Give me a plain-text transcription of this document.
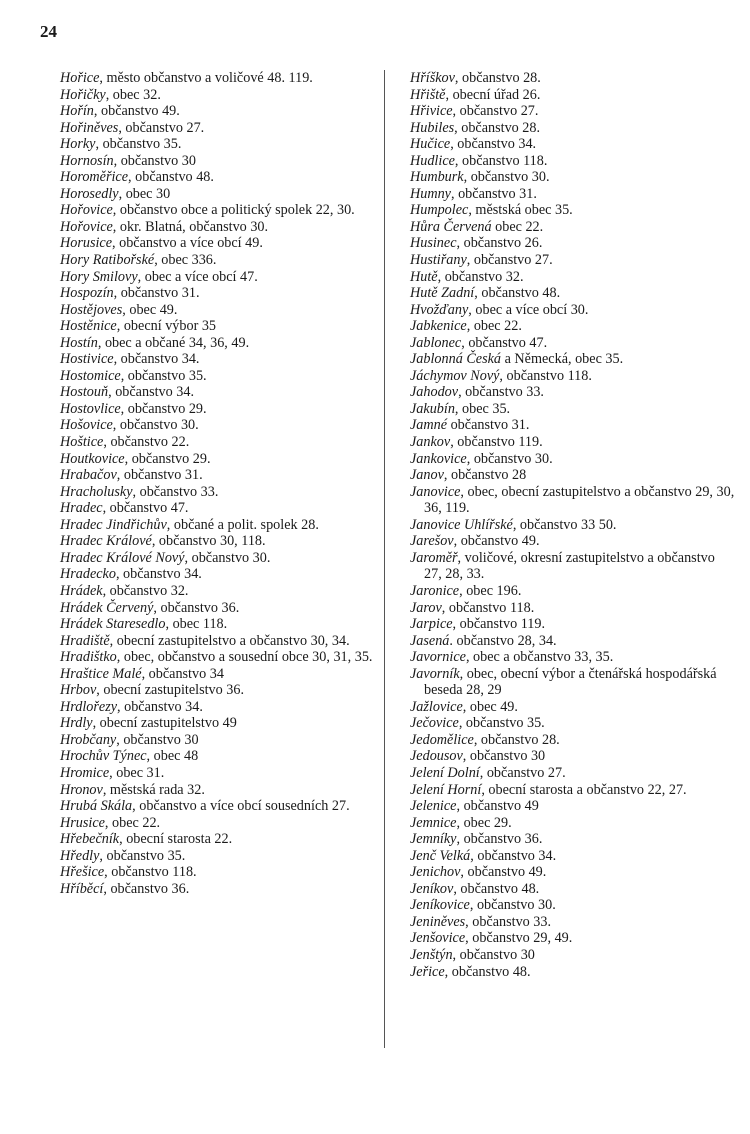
24

Hořice, město občanstvo a voličové 48. 119.

Hořičky, obec 32.

Hořín, občanstvo 49.

Hořiněves, občanstvo 27.

Horky, občanstvo 35.

Hornosín, občanstvo 30

Horoměřice, občanstvo 48.

Horosedly, obec 30

Hořovice, občanstvo obce a politický spolek 22, 30.

Hořovice, okr. Blatná, občanstvo 30.

Horusice, občanstvo a více obcí 49.

Hory Ratibořské, obec 336.

Hory Smilovy, obec a více obcí 47.

Hospozín, občanstvo 31.

Hostějoves, obec 49.

Hostěnice, obecní výbor 35

Hostín, obec a občané 34, 36, 49.

Hostivice, občanstvo 34.

Hostomice, občanstvo 35.

Hostouň, občanstvo 34.

Hostovlice, občanstvo 29.

Hošovice, občanstvo 30.

Hoštice, občanstvo 22.

Houtkovice, občanstvo 29.

Hrabačov, občanstvo 31.

Hracholusky, občanstvo 33.

Hradec, občanstvo 47.

Hradec Jindřichův, občané a polit. spolek 28.

Hradec Králové, občanstvo 30, 118.

Hradec Králové Nový, občanstvo 30.

Hradecko, občanstvo 34.

Hrádek, občanstvo 32.

Hrádek Červený, občanstvo 36.

Hrádek Staresedlo, obec 118.

Hradiště, obecní zastupitelstvo a občanstvo 30, 34.

Hradištko, obec, občanstvo a sousední obce 30, 31, 35.

Hraštice Malé, občanstvo 34

Hrbov, obecní zastupitelstvo 36.

Hrdlořezy, občanstvo 34.

Hrdly, obecní zastupitelstvo 49

Hrobčany, občanstvo 30

Hrochův Týnec, obec 48

Hromice, obec 31.

Hronov, městská rada 32.

Hrubá Skála, občanstvo a více obcí sousedních 27.

Hrusice, obec 22.

Hřebečník, obecní starosta 22.

Hředly, občanstvo 35.

Hřešice, občanstvo 118.

Hříběcí, občanstvo 36.

Hříškov, občanstvo 28.

Hřiště, obecní úřad 26.

Hřivice, občanstvo 27.

Hubiles, občanstvo 28.

Hučice, občanstvo 34.

Hudlice, občanstvo 118.

Humburk, občanstvo 30.

Humny, občanstvo 31.

Humpolec, městská obec 35.

Hůra Červená obec 22.

Husinec, občanstvo 26.

Hustiřany, občanstvo 27.

Hutě, občanstvo 32.

Hutě Zadní, občanstvo 48.

Hvožďany, obec a více obcí 30.

Jabkenice, obec 22.

Jablonec, občanstvo 47.

Jablonná Česká a Německá, obec 35.

Jáchymov Nový, občanstvo 118.

Jahodov, občanstvo 33.

Jakubín, obec 35.

Jamné občanstvo 31.

Jankov, občanstvo 119.

Jankovice, občanstvo 30.

Janov, občanstvo 28

Janovice, obec, obecní zastupitelstvo a občanstvo 29, 30, 36, 119.

Janovice Uhlířské, občanstvo 33 50.

Jarešov, občanstvo 49.

Jaroměř, voličové, okresní zastupitelstvo a občanstvo 27, 28, 33.

Jaronice, obec 196.

Jarov, občanstvo 118.

Jarpice, občanstvo 119.

Jasená. občanstvo 28, 34.

Javornice, obec a občanstvo 33, 35.

Javorník, obec, obecní výbor a čtenářská hospodářská beseda 28, 29

Jažlovice, obec 49.

Ječovice, občanstvo 35.

Jedomělice, občanstvo 28.

Jedousov, občanstvo 30

Jelení Dolní, občanstvo 27.

Jelení Horní, obecní starosta a občanstvo 22, 27.

Jelenice, občanstvo 49

Jemnice, obec 29.

Jemníky, občanstvo 36.

Jenč Velká, občanstvo 34.

Jenichov, občanstvo 49.

Jeníkov, občanstvo 48.

Jeníkovice, občanstvo 30.

Jeniněves, občanstvo 33.

Jenšovice, občanstvo 29, 49.

Jenštýn, občanstvo 30

Jeřice, občanstvo 48.
